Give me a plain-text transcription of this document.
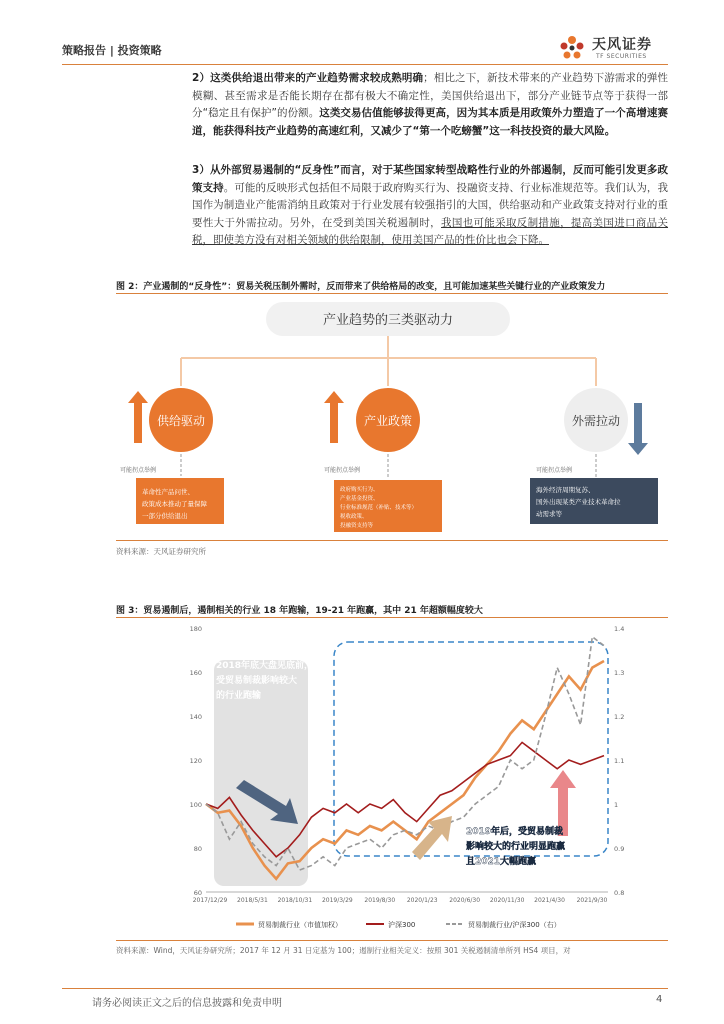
策略报告 | 投资策略	天风证券
TF SECURITIES
2）这类供给退出带来的产业趋势需求较成熟明确；相比之下，新技术带来的产业趋势下游需求的弹性模糊、甚至需求是否能长期存在都有极大不确定性，美国供给退出下，部分产业链节点等于获得一部分“稳定且有保护”的份额。这类交易估值能够拔得更高，因为其本质是用政策外力塑造了一个高增速赛道，能获得科技产业趋势的高速红利，又减少了“第一个吃螃蟹”这一科技投资的最大风险。
3）从外部贸易遏制的“反身性”而言，对于某些国家转型战略性行业的外部遏制，反而可能引发更多政策支持。可能的反映形式包括但不局限于政府购买行为、投融资支持、行业标准规范等。我们认为，我国作为制造业产能需消纳且政策对于行业发展有较强指引的大国，供给驱动和产业政策支持对行业的重要性大于外需拉动。另外，在受到美国关税遏制时，我国也可能采取反制措施，提高美国进口商品关税，即使美方没有对相关领域的供给限制，使用美国产品的性价比也会下降。
图 2：产业遏制的“反身性”：贸易关税压制外需时，反而带来了供给格局的改变，且可能加速某些关键行业的产业政策发力
产业趋势的三类驱动力
供给驱动
可能拐点举例
革命性产品问世、
政策成本推动了量保障
一部分供给退出
产业政策
可能拐点举例
政府购买行为、
产业基金投资、
行业标准规范（补贴、技术等）
税收政策、
投融资支持等
外需拉动
可能拐点举例
海外经济周期复苏、
国外出现某类产业技术革命拉
动需求等
资料来源：天风证券研究所
图 3：贸易遏制后，遏制相关的行业 18 年跑输，19-21 年跑赢，其中 21 年超额幅度较大
60
80
100
120
140
160
180
0.8
0.9
1
1.1
1.2
1.3
1.4
2017/12/29 2018/5/31 2018/10/31 2019/3/29 2019/8/30 2020/1/23 2020/6/30 2020/11/30 2021/4/30 2021/9/30
2018年底大盘见底前，
受贸易制裁影响较大
的行业跑输
2019年后，受贸易制裁
影响较大的行业明显跑赢
且2021大幅跑赢
贸易制裁行业（市值加权）	沪深300	贸易制裁行业/沪深300（右）
资料来源：Wind，天风证券研究所；2017 年 12 月 31 日定基为 100；遏制行业相关定义：按照 301 关税遏制清单所列 HS4 项目，对
请务必阅读正文之后的信息披露和免责申明	4
